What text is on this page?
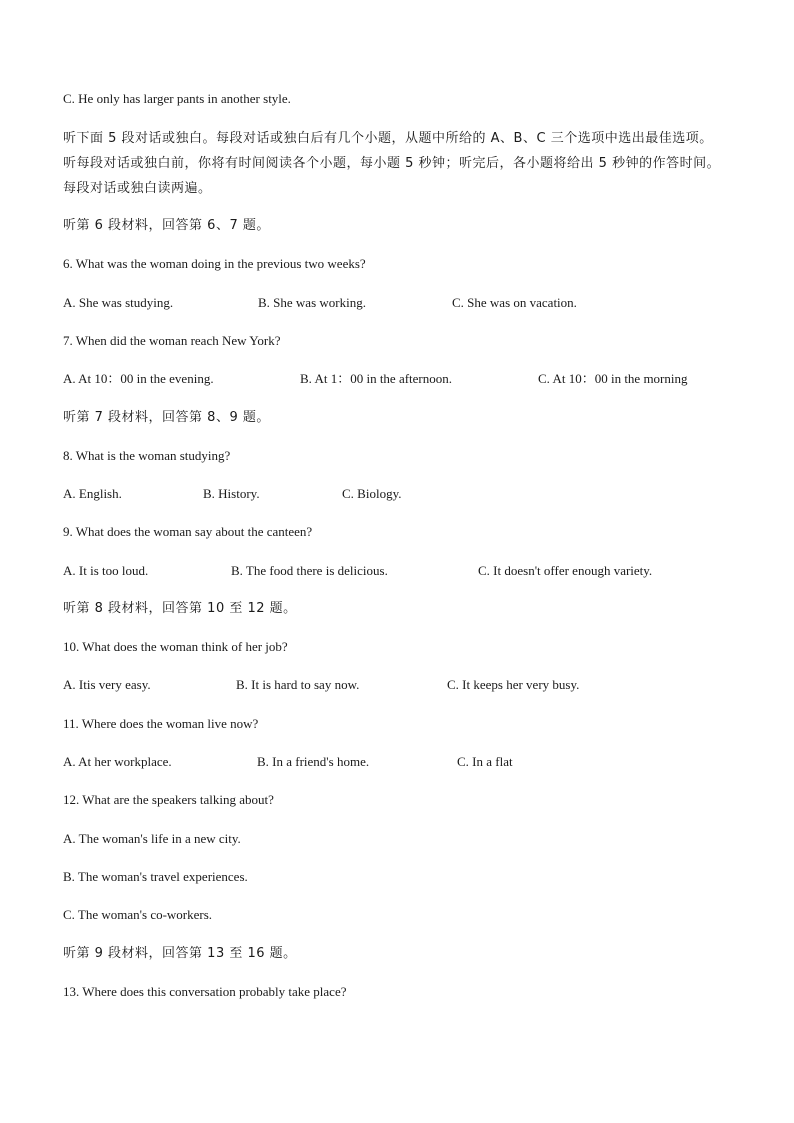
C. He only has larger pants in another style.
听下面 5 段对话或独白。每段对话或独白后有几个小题，从题中所给的 A、B、C 三个选项中选出最佳选项。
听每段对话或独白前，你将有时间阅读各个小题，每小题 5 秒钟；听完后，各小题将给出 5 秒钟的作答时间。
每段对话或独白读两遍。
听第 6 段材料，回答第 6、7 题。
6. What was the woman doing in the previous two weeks?
A. She was studying.	B. She was working.	C. She was on vacation.
7. When did the woman reach New York?
A. At 10：00 in the evening.	B. At 1：00 in the afternoon.	C. At 10：00 in the morning
听第 7 段材料，回答第 8、9 题。
8. What is the woman studying?
A. English.	B. History.	C. Biology.
9. What does the woman say about the canteen?
A. It is too loud.	B. The food there is delicious.	C. It doesn't offer enough variety.
听第 8 段材料，回答第 10 至 12 题。
10. What does the woman think of her job?
A. Itis very easy.	B. It is hard to say now.	C. It keeps her very busy.
11. Where does the woman live now?
A. At her workplace.	B. In a friend's home.	C. In a flat
12. What are the speakers talking about?
A. The woman's life in a new city.
B. The woman's travel experiences.
C. The woman's co-workers.
听第 9 段材料，回答第 13 至 16 题。
13. Where does this conversation probably take place?
